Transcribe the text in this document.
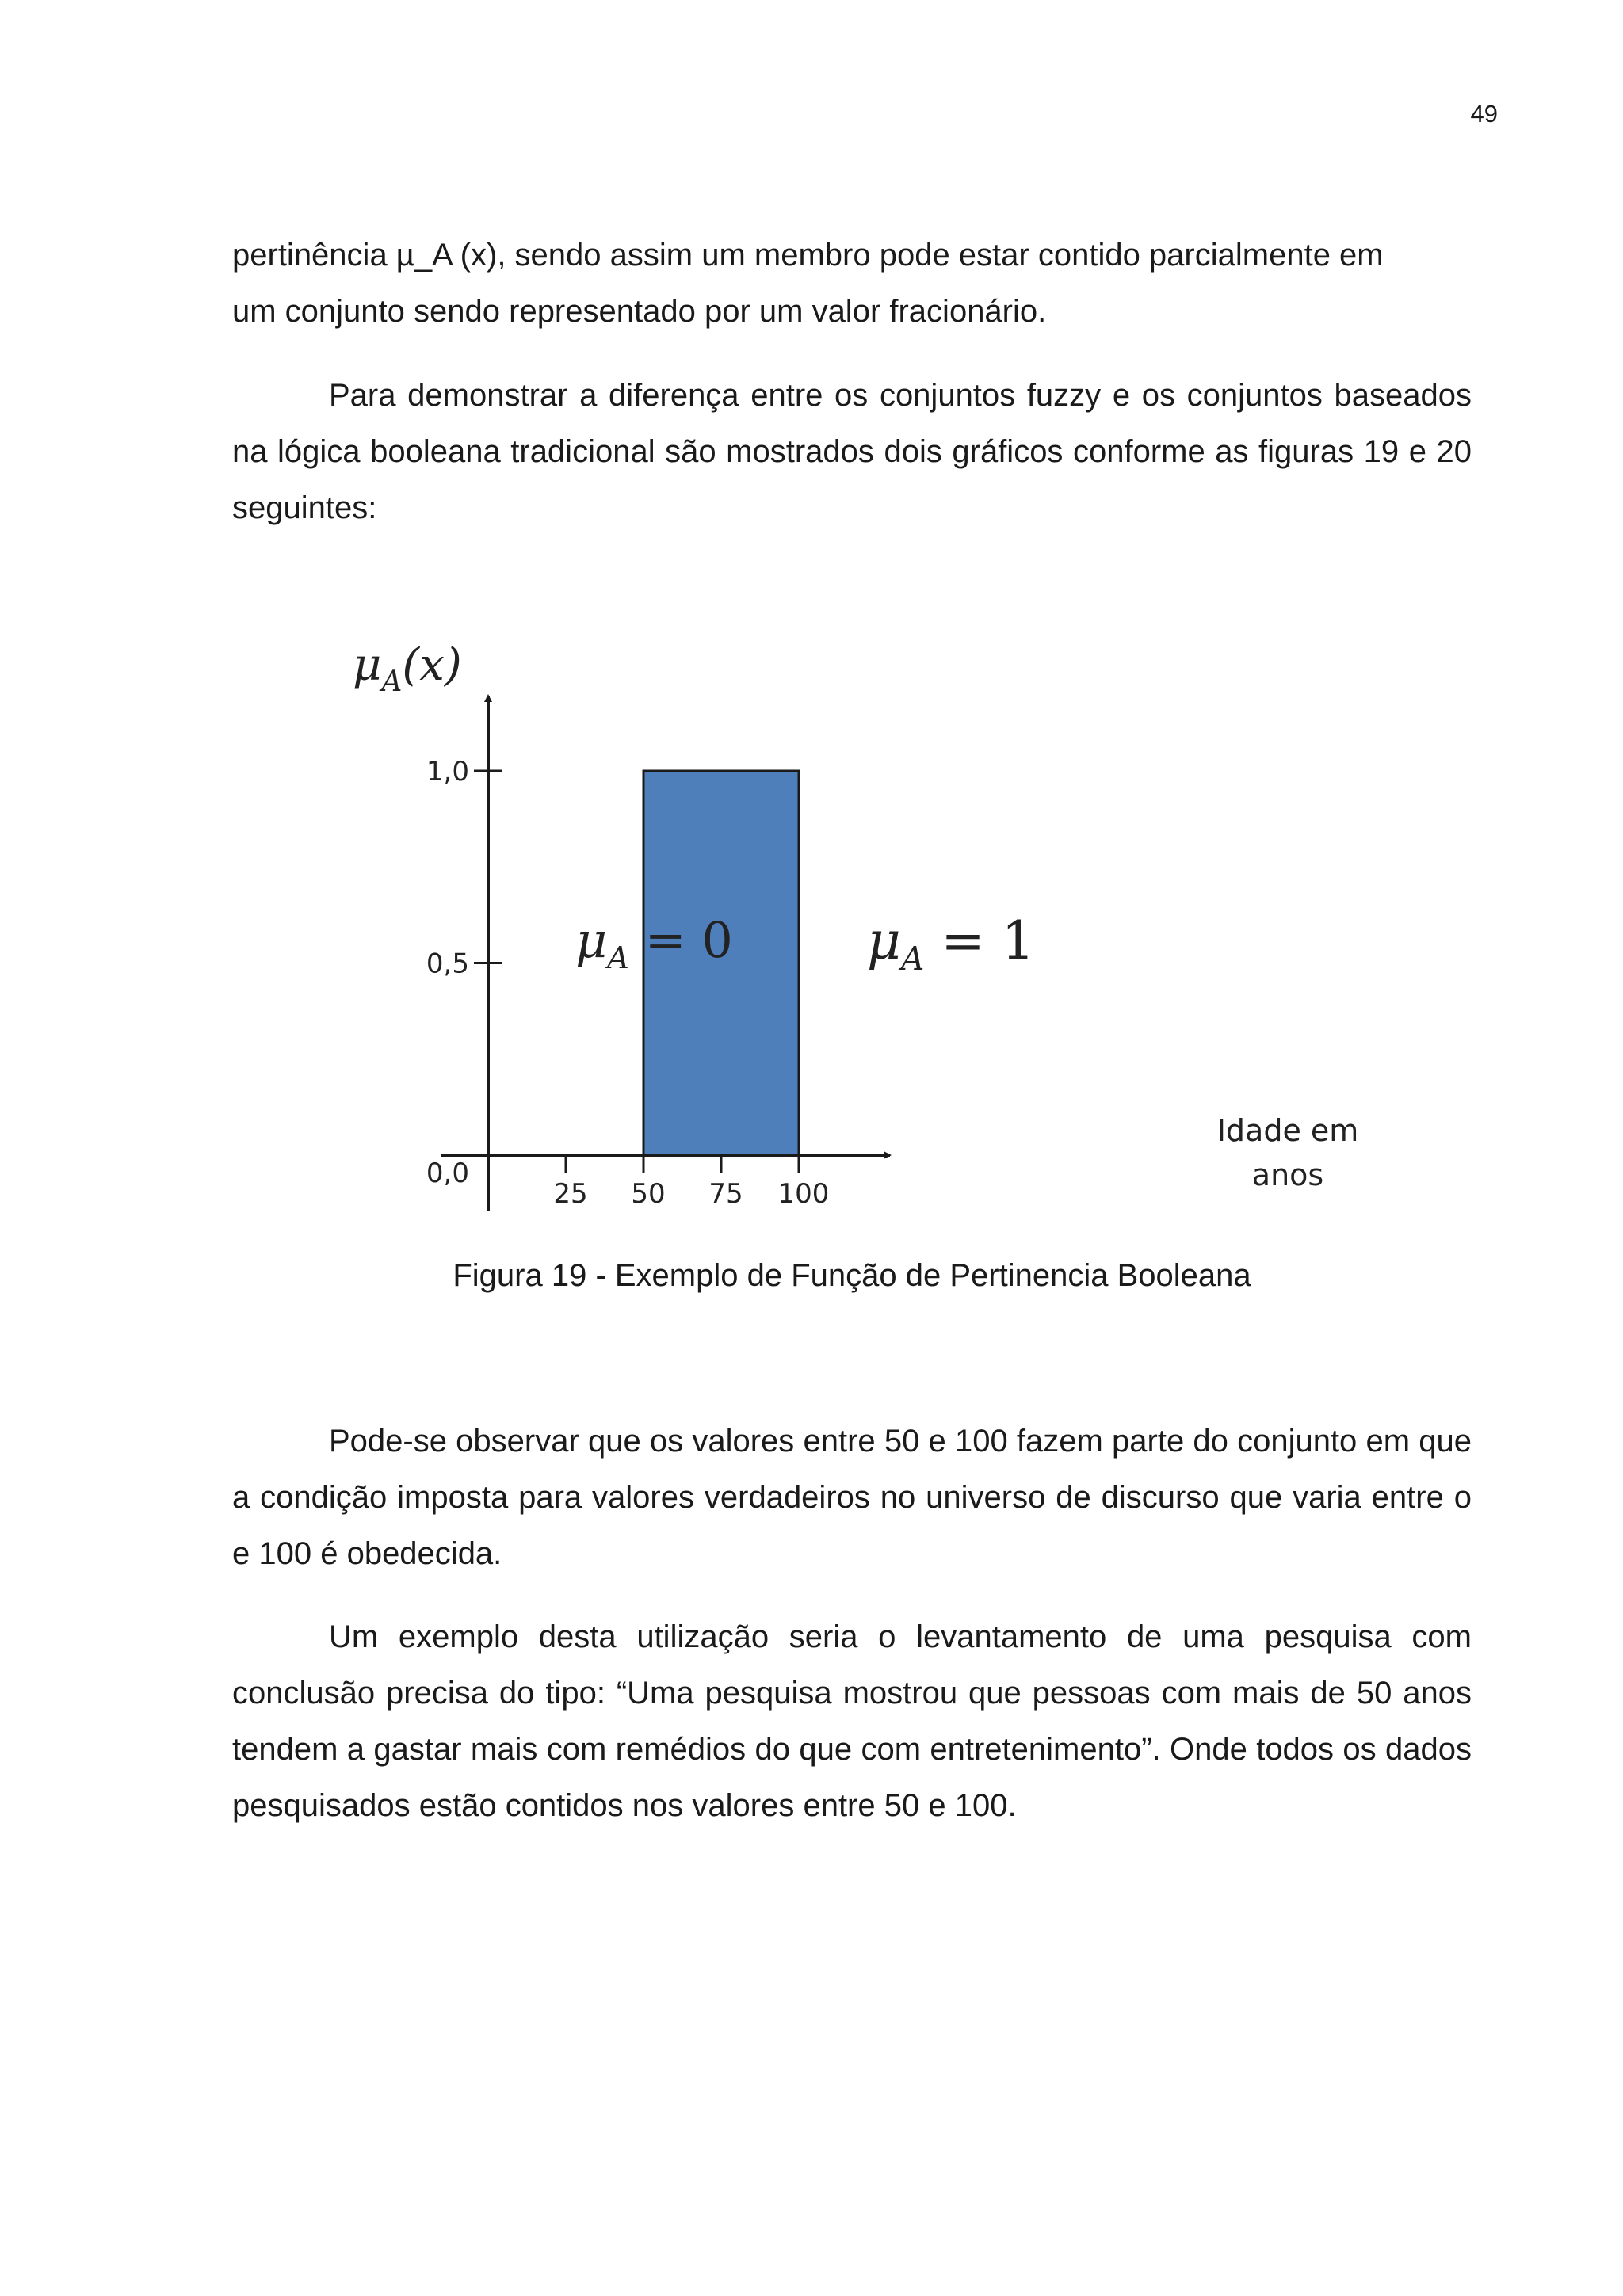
49

pertinência µ_A (x), sendo assim um membro pode estar contido parcialmente em

um conjunto sendo representado por um valor fracionário.

Para demonstrar a diferença entre os conjuntos fuzzy e os conjuntos baseados na lógica booleana tradicional são mostrados dois gráficos conforme as figuras 19 e 20 seguintes:

0,0
0,5
1,0
25 50 75 100
Idade em
anos
$\mu_A(x)$
$\mu_A = 0$	$\mu_A = 1$
Figura 19 - Exemplo de Função de Pertinencia Booleana

Pode-se observar que os valores entre 50 e 100 fazem parte do conjunto em que a condição imposta para valores verdadeiros no universo de discurso que varia entre o e 100 é obedecida.

Um exemplo desta utilização seria o levantamento de uma pesquisa com conclusão precisa do tipo: “Uma pesquisa mostrou que pessoas com mais de 50 anos tendem a gastar mais com remédios do que com entretenimento”. Onde todos os dados pesquisados estão contidos nos valores entre 50 e 100.
